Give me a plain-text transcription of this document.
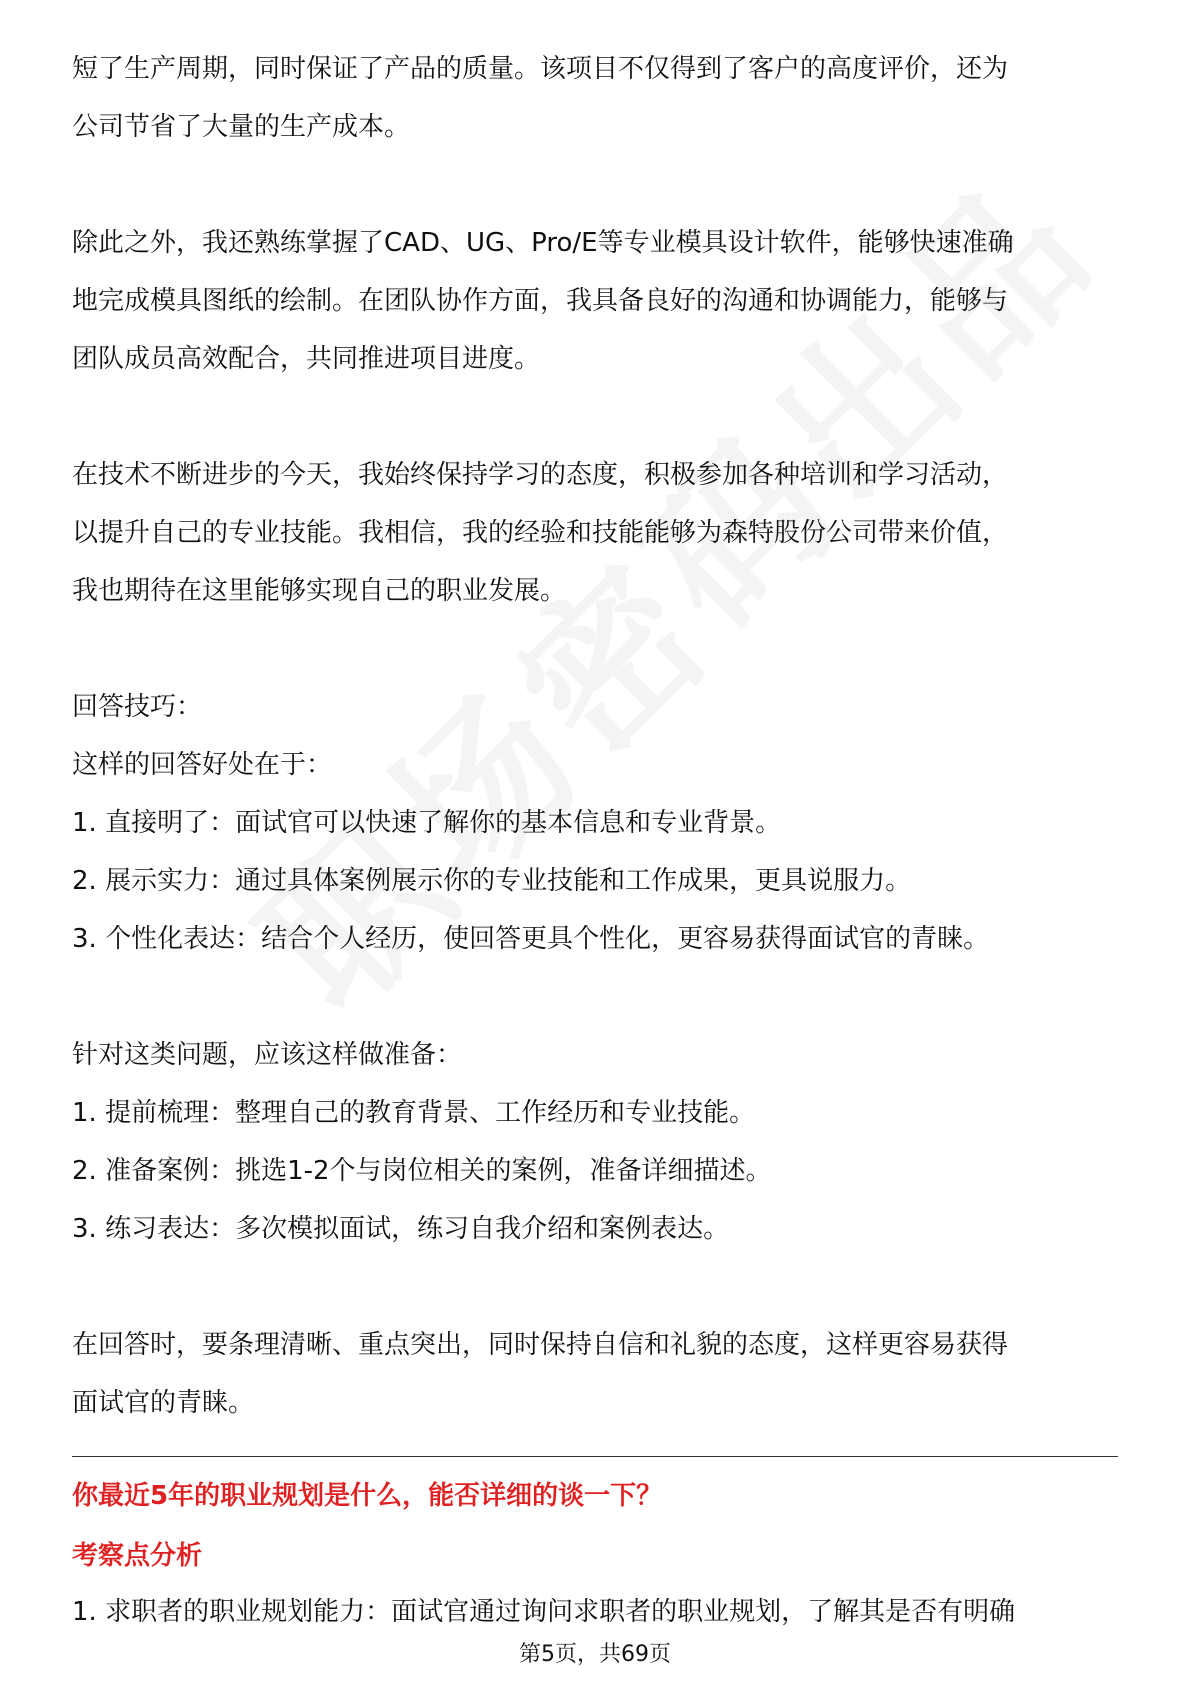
短了生产周期，同时保证了产品的质量。该项目不仅得到了客户的高度评价，还为
公司节省了大量的生产成本。

除此之外，我还熟练掌握了CAD、UG、Pro/E等专业模具设计软件，能够快速准确
地完成模具图纸的绘制。在团队协作方面，我具备良好的沟通和协调能力，能够与
团队成员高效配合，共同推进项目进度。

在技术不断进步的今天，我始终保持学习的态度，积极参加各种培训和学习活动，
以提升自己的专业技能。我相信，我的经验和技能能够为森特股份公司带来价值，
我也期待在这里能够实现自己的职业发展。

回答技巧：
这样的回答好处在于：
1. 直接明了：面试官可以快速了解你的基本信息和专业背景。
2. 展示实力：通过具体案例展示你的专业技能和工作成果，更具说服力。
3. 个性化表达：结合个人经历，使回答更具个性化，更容易获得面试官的青睐。

针对这类问题，应该这样做准备：
1. 提前梳理：整理自己的教育背景、工作经历和专业技能。
2. 准备案例：挑选1-2个与岗位相关的案例，准备详细描述。
3. 练习表达：多次模拟面试，练习自我介绍和案例表达。

在回答时，要条理清晰、重点突出，同时保持自信和礼貌的态度，这样更容易获得
面试官的青睐。

你最近5年的职业规划是什么，能否详细的谈一下？
考察点分析
1. 求职者的职业规划能力：面试官通过询问求职者的职业规划，了解其是否有明确
第5页，共69页
